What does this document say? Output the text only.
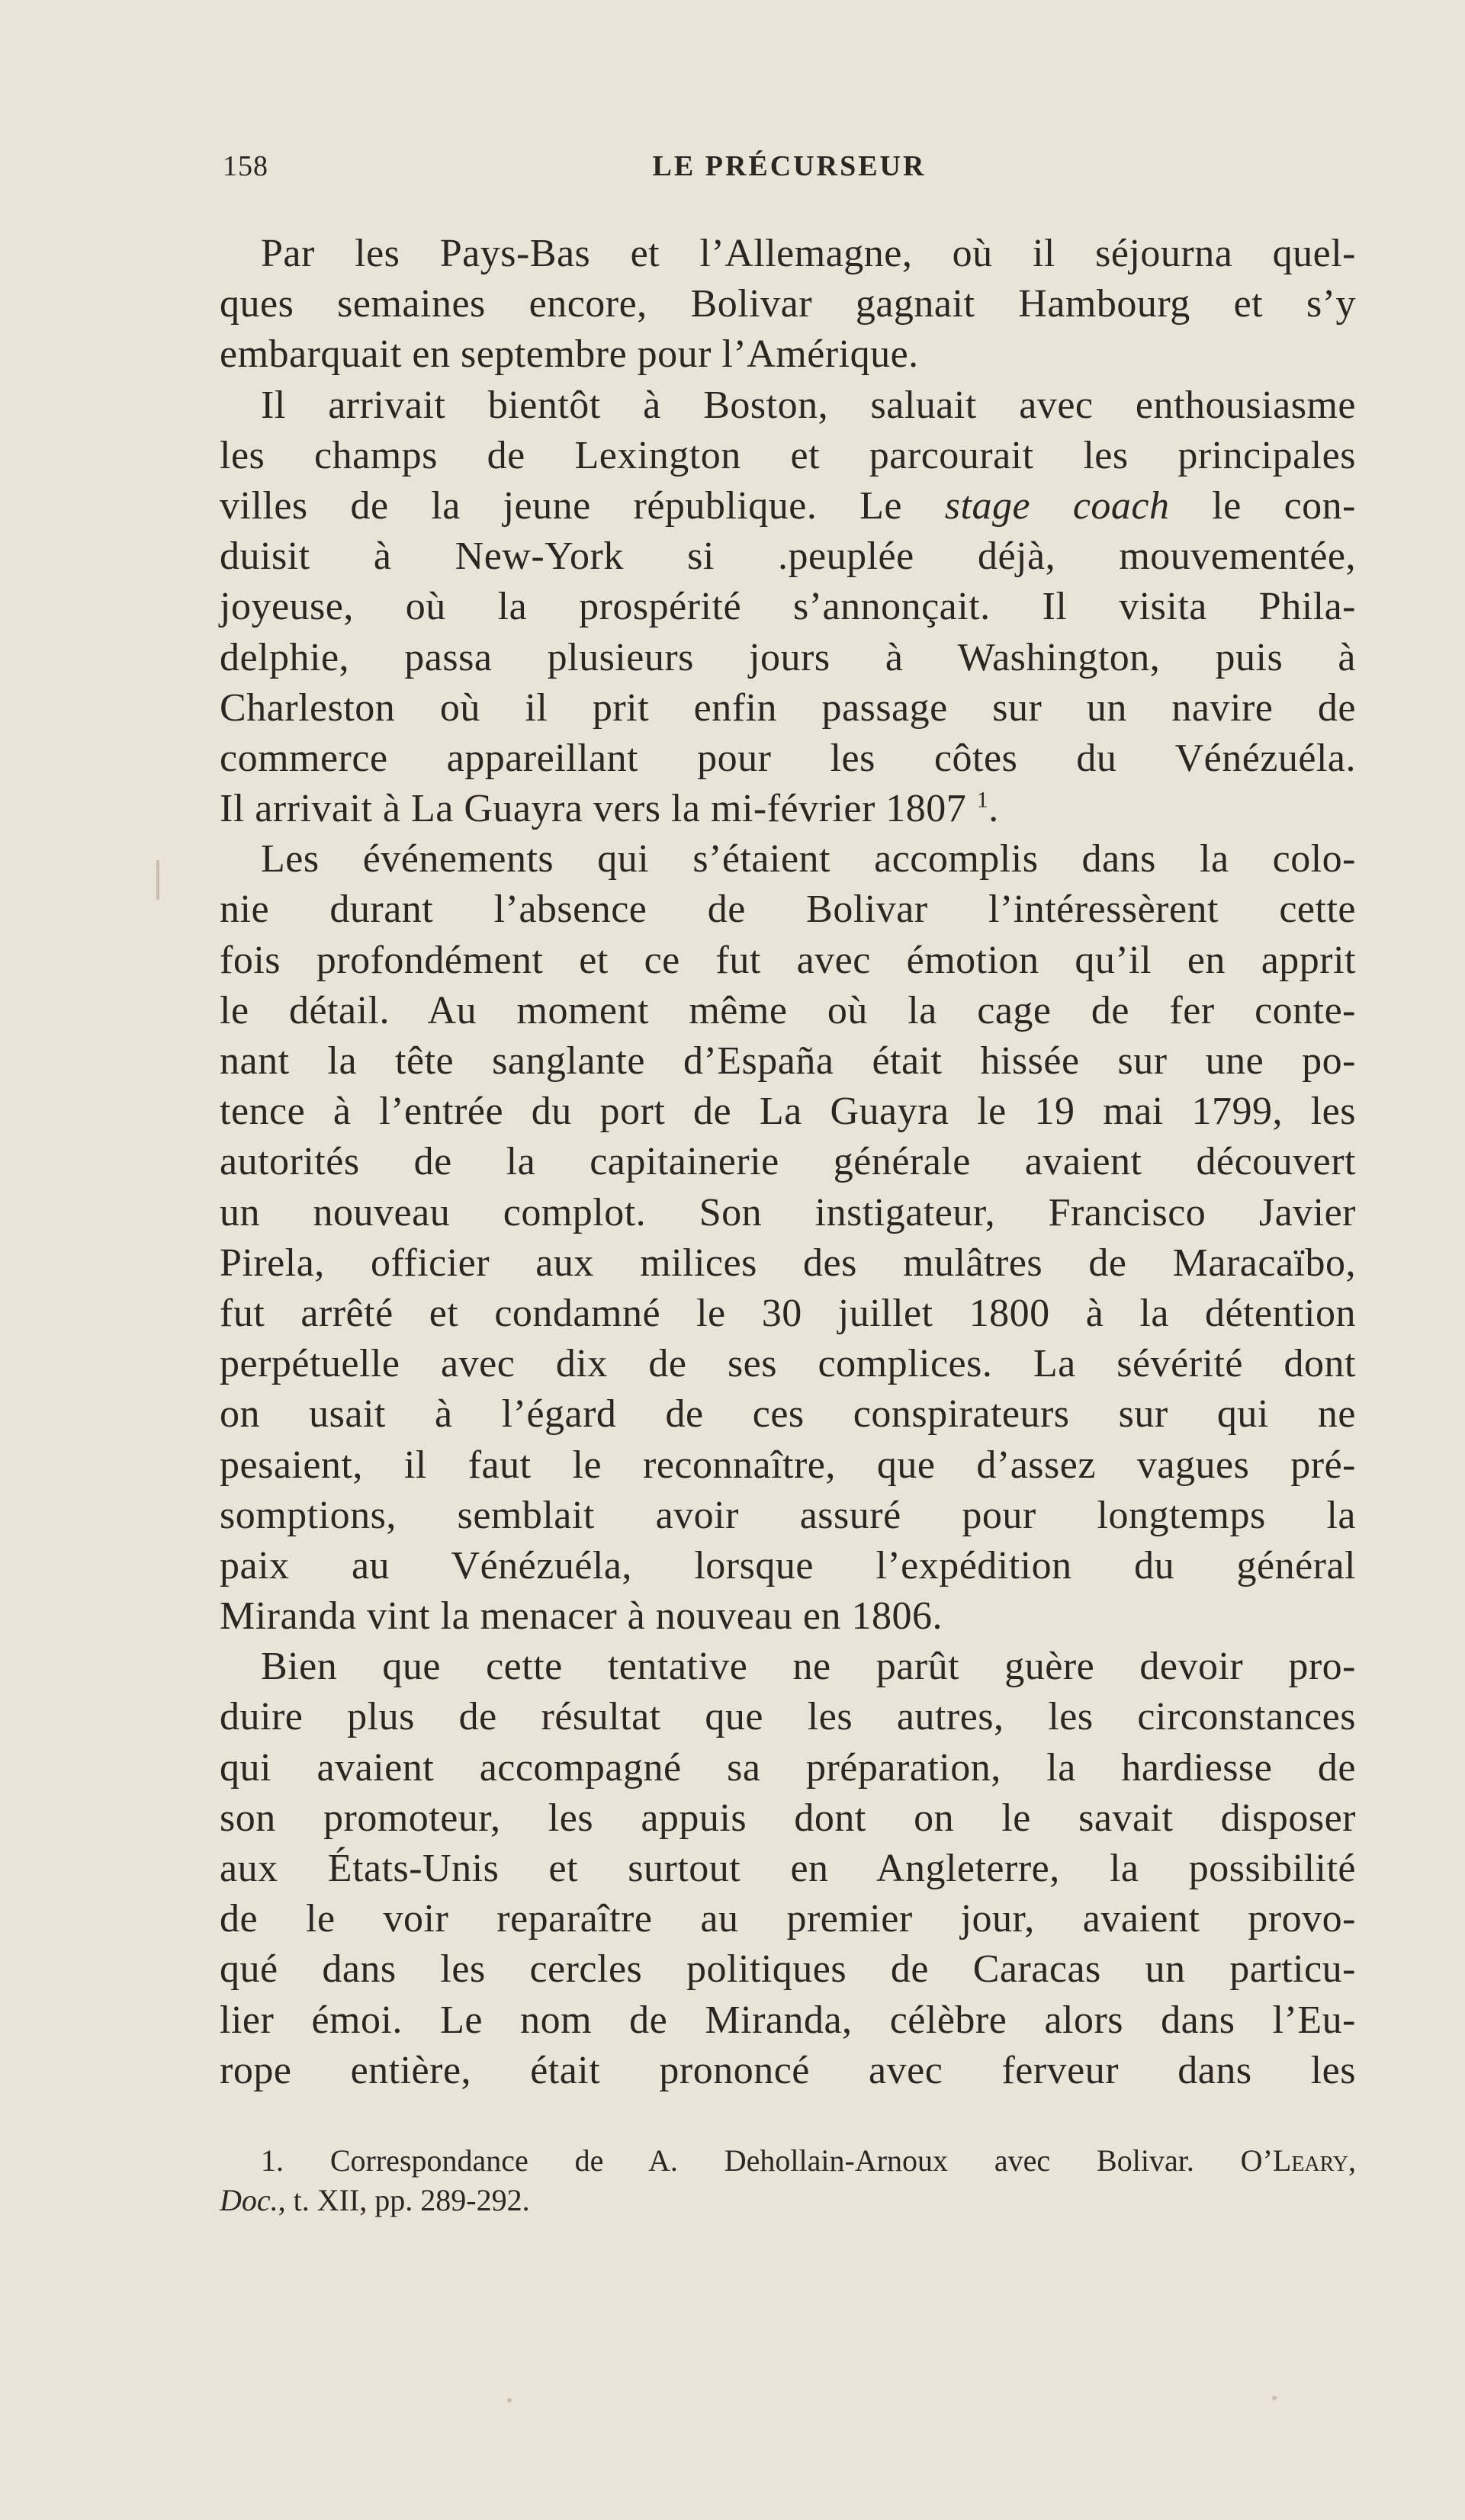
158	LE PRÉCURSEUR
Par les Pays-Bas et l’Allemagne, où il séjourna quel-
ques semaines encore, Bolivar gagnait Hambourg et s’y
embarquait en septembre pour l’Amérique.
Il arrivait bientôt à Boston, saluait avec enthousiasme
les champs de Lexington et parcourait les principales
villes de la jeune république. Le stage coach le con-
duisit à New-York si .peuplée déjà, mouvementée,
joyeuse, où la prospérité s’annonçait. Il visita Phila-
delphie, passa plusieurs jours à Washington, puis à
Charleston où il prit enfin passage sur un navire de
commerce appareillant pour les côtes du Vénézuéla.
Il arrivait à La Guayra vers la mi-février 1807 $^1$.
Les événements qui s’étaient accomplis dans la colo-
nie durant l’absence de Bolivar l’intéressèrent cette
fois profondément et ce fut avec émotion qu’il en apprit
le détail. Au moment même où la cage de fer conte-
nant la tête sanglante d’España était hissée sur une po-
tence à l’entrée du port de La Guayra le 19 mai 1799, les
autorités de la capitainerie générale avaient découvert
un nouveau complot. Son instigateur, Francisco Javier
Pirela, officier aux milices des mulâtres de Maracaïbo,
fut arrêté et condamné le 30 juillet 1800 à la détention
perpétuelle avec dix de ses complices. La sévérité dont
on usait à l’égard de ces conspirateurs sur qui ne
pesaient, il faut le reconnaître, que d’assez vagues pré-
somptions, semblait avoir assuré pour longtemps la
paix au Vénézuéla, lorsque l’expédition du général
Miranda vint la menacer à nouveau en 1806.
Bien que cette tentative ne parût guère devoir pro-
duire plus de résultat que les autres, les circonstances
qui avaient accompagné sa préparation, la hardiesse de
son promoteur, les appuis dont on le savait disposer
aux États-Unis et surtout en Angleterre, la possibilité
de le voir reparaître au premier jour, avaient provo-
qué dans les cercles politiques de Caracas un particu-
lier émoi. Le nom de Miranda, célèbre alors dans l’Eu-
rope entière, était prononcé avec ferveur dans les
1. Correspondance de A. Dehollain-Arnoux avec Bolivar. O’Leary,
Doc., t. XII, pp. 289-292.
